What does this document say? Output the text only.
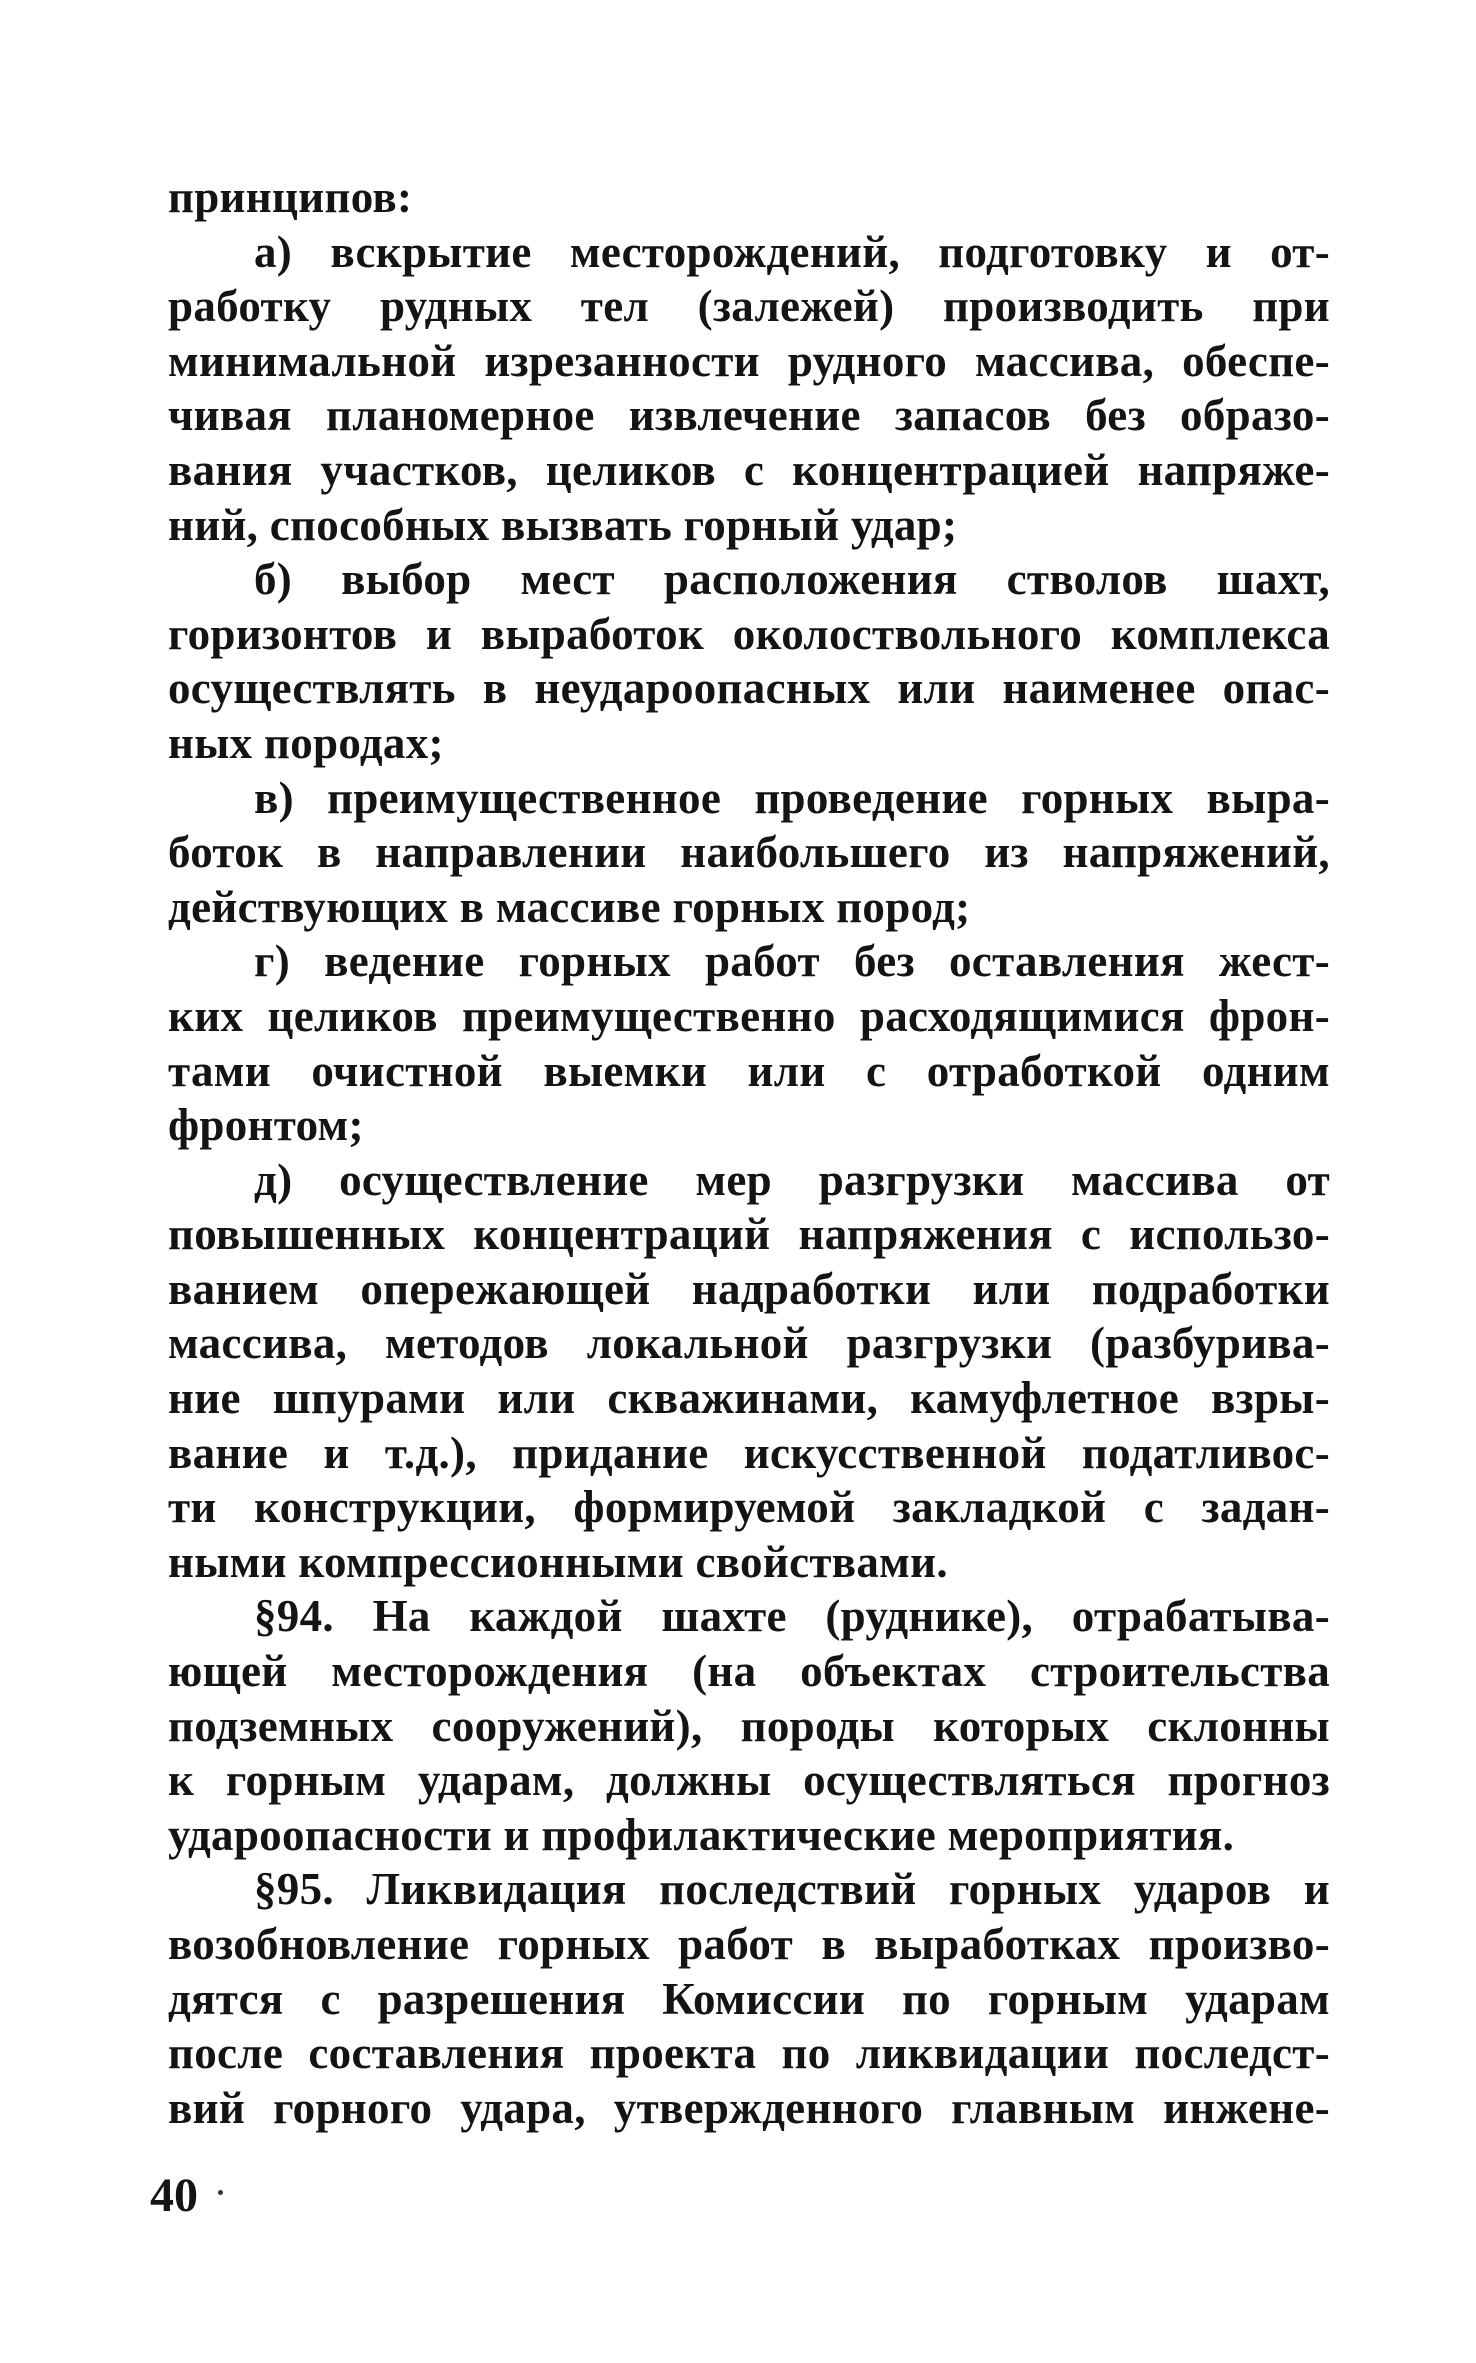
принципов:
а) вскрытие месторождений, подготовку и от-
работку рудных тел (залежей) производить при
минимальной изрезанности рудного массива, обеспе-
чивая планомерное извлечение запасов без образо-
вания участков, целиков с концентрацией напряже-
ний, способных вызвать горный удар;
б) выбор мест расположения стволов шахт,
горизонтов и выработок околоствольного комплекса
осуществлять в неудароопасных или наименее опас-
ных породах;
в) преимущественное проведение горных выра-
боток в направлении наибольшего из напряжений,
действующих в массиве горных пород;
г) ведение горных работ без оставления жест-
ких целиков преимущественно расходящимися фрон-
тами очистной выемки или с отработкой одним
фронтом;
д) осуществление мер разгрузки массива от
повышенных концентраций напряжения с использо-
ванием опережающей надработки или подработки
массива, методов локальной разгрузки (разбурива-
ние шпурами или скважинами, камуфлетное взры-
вание и т.д.), придание искусственной податливос-
ти конструкции, формируемой закладкой с задан-
ными компрессионными свойствами.
§94. На каждой шахте (руднике), отрабатыва-
ющей месторождения (на объектах строительства
подземных сооружений), породы которых склонны
к горным ударам, должны осуществляться прогноз
удароопасности и профилактические мероприятия.
§95. Ликвидация последствий горных ударов и
возобновление горных работ в выработках произво-
дятся с разрешения Комиссии по горным ударам
после составления проекта по ликвидации последст-
вий горного удара, утвержденного главным инжене-
40
